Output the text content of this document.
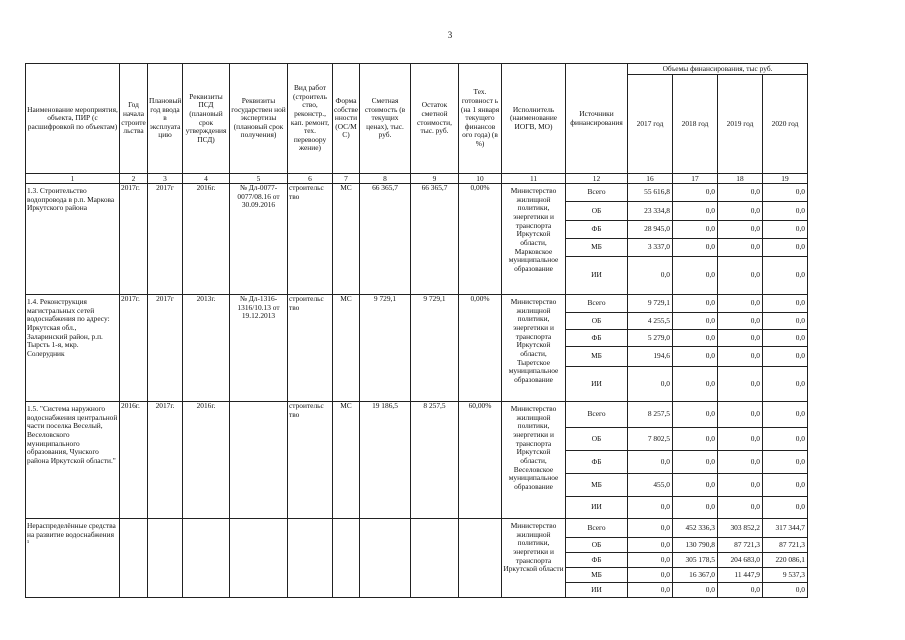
3
Наименование мероприятия, объекта, ПИР (с расшифровкой по объектам)	Год начала строите льства	Плановый год ввода в эксплуата цию	Реквизиты ПСД (плановый срок утверждения ПСД)	Реквизиты государствен ной экспертизы (плановый срок получения)	Вид работ (строитель ство, реконстр., кап. ремонт, тех. перевоору жение)	Форма собстве нности (ОС/М С)	Сметная стоимость (в текущих ценах), тыс. руб.	Остаток сметной стоимости, тыс. руб.	Тех. готовност ь (на 1 января текущего финансов ого года) (в %)	Исполнитель (наименование ИОГВ, МО)	Источники финансирования	Объемы финансирования, тыс руб.			
												2017 год	2018 год	2019 год	2020 год
1	2	3	4	5	6	7	8	9	10	11	12	16	17	18	19
1.3. Строительство водопровода в р.п. Маркова Иркутского района	2017г.	2017г	2016г.	№ Дл-0077-0077/08.16 от 30.09.2016	строительс тво	МС	66 365,7	66 365,7	0,00%	Министерство жилищной политики, энергетики и транспорта Иркутской области, Марковское муниципальное образование	Всего	55 616,8	0,0	0,0	0,0
											ОБ	23 334,8	0,0	0,0	0,0
											ФБ	28 945,0	0,0	0,0	0,0
											МБ	3 337,0	0,0	0,0	0,0
											ИИ	0,0	0,0	0,0	0,0
1.4. Реконструкция магистральных сетей водоснабжения по адресу: Иркутская обл., Заларинский район, р.п. Тырсть 1-я, мкр. Солерудник	2017г.	2017г	2013г.	№ Дл-1316-1316/10.13 от 19.12.2013	строительс тво	МС	9 729,1	9 729,1	0,00%	Министерство жилищной политики, энергетики и транспорта Иркутской области, Тыретское муниципальное образование	Всего	9 729,1	0,0	0,0	0,0
											ОБ	4 255,5	0,0	0,0	0,0
											ФБ	5 279,0	0,0	0,0	0,0
											МБ	194,6	0,0	0,0	0,0
											ИИ	0,0	0,0	0,0	0,0
1.5. "Система наружного водоснабжения центральной части поселка Веселый, Веселовского муниципального образования, Чунского района Иркутской области."	2016г.	2017г.	2016г.		строительс тво	МС	19 186,5	8 257,5	60,00%	Министерство жилищной политики, энергетики и транспорта Иркутской области, Веселовское муниципальное образование	Всего	8 257,5	0,0	0,0	0,0
											ОБ	7 802,5	0,0	0,0	0,0
											ФБ	0,0	0,0	0,0	0,0
											МБ	455,0	0,0	0,0	0,0
											ИИ	0,0	0,0	0,0	0,0
Нераспределённые средства на развитие водоснабжения ¹										Министерство жилищной политики, энергетики и транспорта Иркутской области	Всего	0,0	452 336,3	303 852,2	317 344,7
											ОБ	0,0	130 790,8	87 721,3	87 721,3
											ФБ	0,0	305 178,5	204 683,0	220 086,1
											МБ	0,0	16 367,0	11 447,9	9 537,3
											ИИ	0,0	0,0	0,0	0,0
